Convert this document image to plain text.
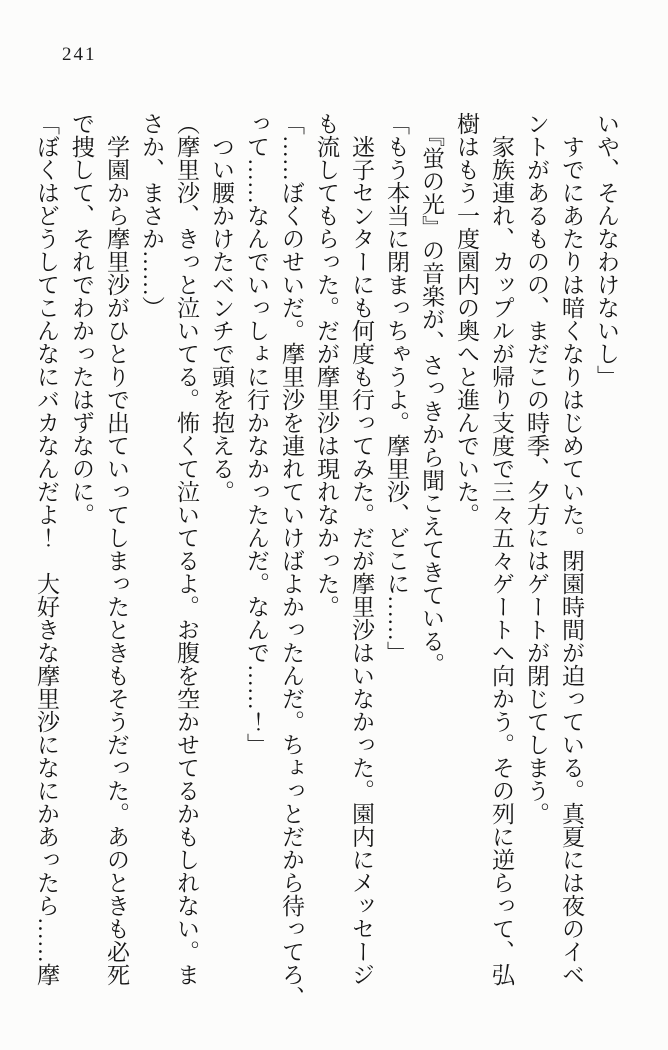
241

いや、そんなわけないし」

　すでにあたりは暗くなりはじめていた。閉園時間が迫っている。真夏には夜のイベ

ントがあるものの、まだこの時季、夕方にはゲートが閉じてしまう。

　家族連れ、カップルが帰り支度で三々五々ゲートへ向かう。その列に逆らって、弘

樹はもう一度園内の奥へと進んでいた。

　『蛍の光』の音楽が、さっきから聞こえてきている。

「もう本当に閉まっちゃうよ。摩里沙、どこに……」

　迷子センターにも何度も行ってみた。だが摩里沙はいなかった。園内にメッセージ

も流してもらった。だが摩里沙は現れなかった。

「……ぼくのせいだ。摩里沙を連れていけばよかったんだ。ちょっとだから待ってろ、

って……なんでいっしょに行かなかったんだ。なんで……！」

　つい腰かけたベンチで頭を抱える。

（摩里沙、きっと泣いてる。怖くて泣いてるよ。お腹を空かせてるかもしれない。ま

さか、まさか……）

　学園から摩里沙がひとりで出ていってしまったときもそうだった。あのときも必死

で捜して、それでわかったはずなのに。

「ぼくはどうしてこんなにバカなんだよ！　大好きな摩里沙になにかあったら……摩
